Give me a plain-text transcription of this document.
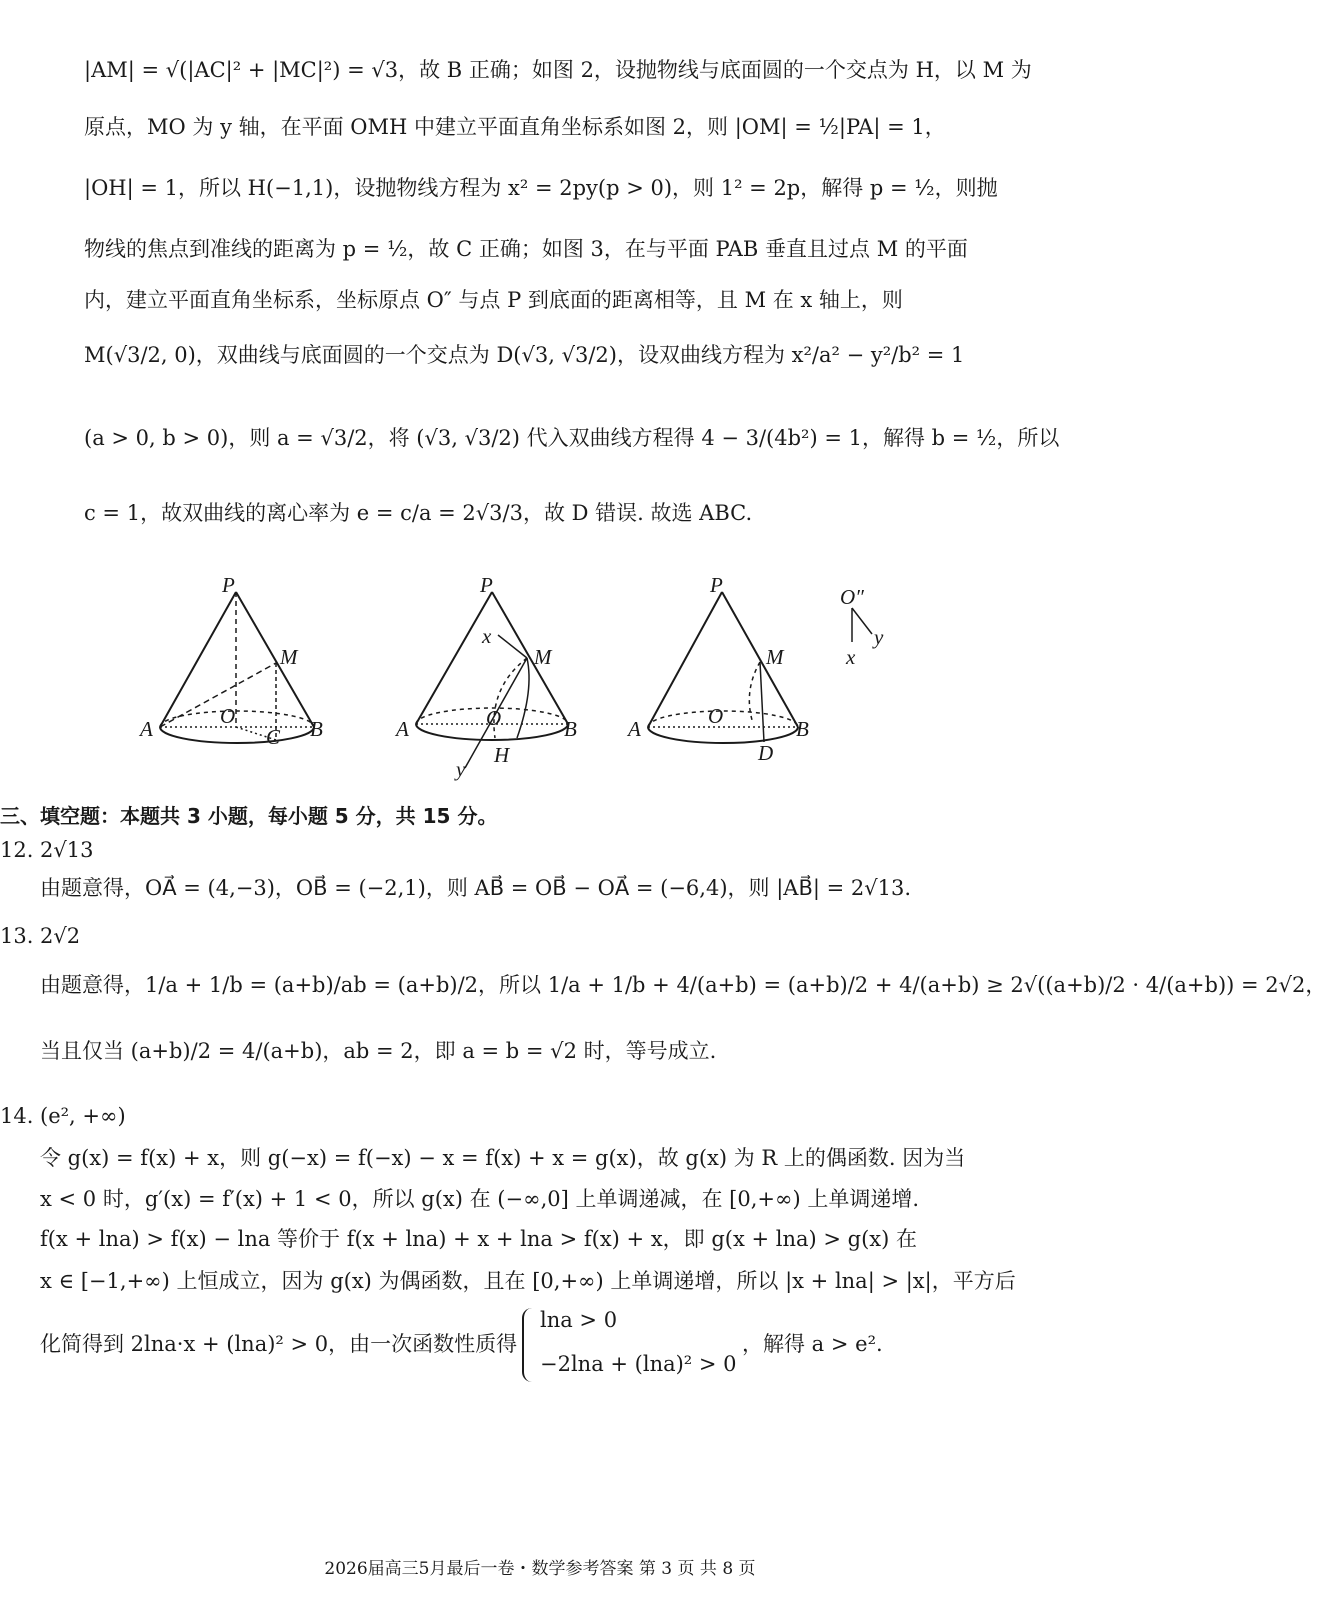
|AM| = √(|AC|² + |MC|²) = √3，故 B 正确；如图 2，设抛物线与底面圆的一个交点为 H，以 M 为
原点，MO 为 y 轴，在平面 OMH 中建立平面直角坐标系如图 2，则 |OM| = ½|PA| = 1，
|OH| = 1，所以 H(−1,1)，设抛物线方程为 x² = 2py(p > 0)，则 1² = 2p，解得 p = ½，则抛
物线的焦点到准线的距离为 p = ½，故 C 正确；如图 3，在与平面 PAB 垂直且过点 M 的平面
内，建立平面直角坐标系，坐标原点 O″ 与点 P 到底面的距离相等，且 M 在 x 轴上，则
M(√3/2, 0)，双曲线与底面圆的一个交点为 D(√3, √3/2)，设双曲线方程为 x²/a² − y²/b² = 1
(a > 0, b > 0)，则 a = √3/2，将 (√3, √3/2) 代入双曲线方程得 4 − 3/(4b²) = 1，解得 b = ½，所以
c = 1，故双曲线的离心率为 e = c/a = 2√3/3，故 D 错误. 故选 ABC.
P
M
A
O
C B
P
x
M
A	O
H
B
y
P
M
A
O
B
D
O″
y
x
三、填空题：本题共 3 小题，每小题 5 分，共 15 分。
12. 2√13
由题意得，OA⃗ = (4,−3)，OB⃗ = (−2,1)，则 AB⃗ = OB⃗ − OA⃗ = (−6,4)，则 |AB⃗| = 2√13.
13. 2√2
由题意得，1/a + 1/b = (a+b)/ab = (a+b)/2，所以 1/a + 1/b + 4/(a+b) = (a+b)/2 + 4/(a+b) ≥ 2√((a+b)/2 · 4/(a+b)) = 2√2，
当且仅当 (a+b)/2 = 4/(a+b)，ab = 2，即 a = b = √2 时，等号成立.
14. (e², +∞)
令 g(x) = f(x) + x，则 g(−x) = f(−x) − x = f(x) + x = g(x)，故 g(x) 为 R 上的偶函数. 因为当
x < 0 时，g′(x) = f′(x) + 1 < 0，所以 g(x) 在 (−∞,0] 上单调递减，在 [0,+∞) 上单调递增.
f(x + lna) > f(x) − lna 等价于 f(x + lna) + x + lna > f(x) + x，即 g(x + lna) > g(x) 在
x ∈ [−1,+∞) 上恒成立，因为 g(x) 为偶函数，且在 [0,+∞) 上单调递增，所以 |x + lna| > |x|，平方后
化简得到 2lna·x + (lna)² > 0，由一次函数性质得
lna > 0
−2lna + (lna)² > 0
，解得 a > e².
2026届高三5月最后一卷・数学参考答案 第 3 页 共 8 页
